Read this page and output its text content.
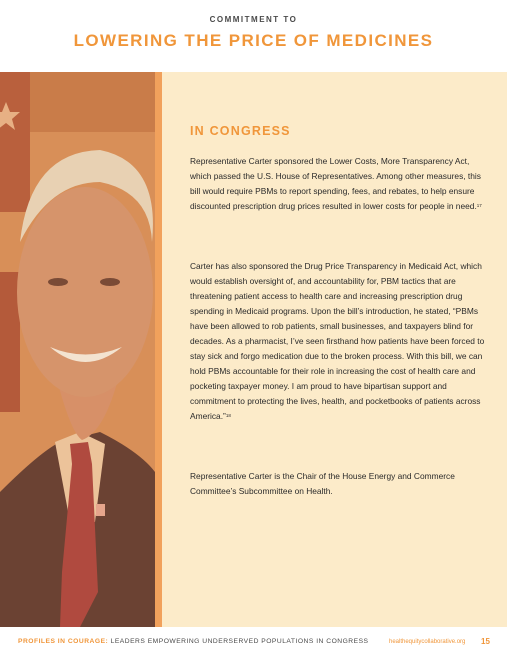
COMMITMENT TO
LOWERING THE PRICE OF MEDICINES
IN CONGRESS
Representative Carter sponsored the Lower Costs, More Transparency Act, which passed the U.S. House of Representatives. Among other measures, this bill would require PBMs to report spending, fees, and rebates, to help ensure discounted prescription drug prices resulted in lower costs for people in need.$^{17}$
Carter has also sponsored the Drug Price Transparency in Medicaid Act, which would establish oversight of, and accountability for, PBM tactics that are threatening patient access to health care and increasing prescription drug spending in Medicaid programs. Upon the bill’s introduction, he stated, “PBMs have been allowed to rob patients, small businesses, and taxpayers blind for decades. As a pharmacist, I’ve seen firsthand how patients have been forced to stay sick and forgo medication due to the broken process. With this bill, we can hold PBMs accountable for their role in increasing the cost of health care and pocketing taxpayer money. I am proud to have bipartisan support and commitment to protecting the lives, health, and pocketbooks of patients across America.”$^{18}$
Representative Carter is the Chair of the House Energy and Commerce Committee’s Subcommittee on Health.
PROFILES IN COURAGE: LEADERS EMPOWERING UNDERSERVED POPULATIONS IN CONGRESS	healthequitycollaborative.org 15
